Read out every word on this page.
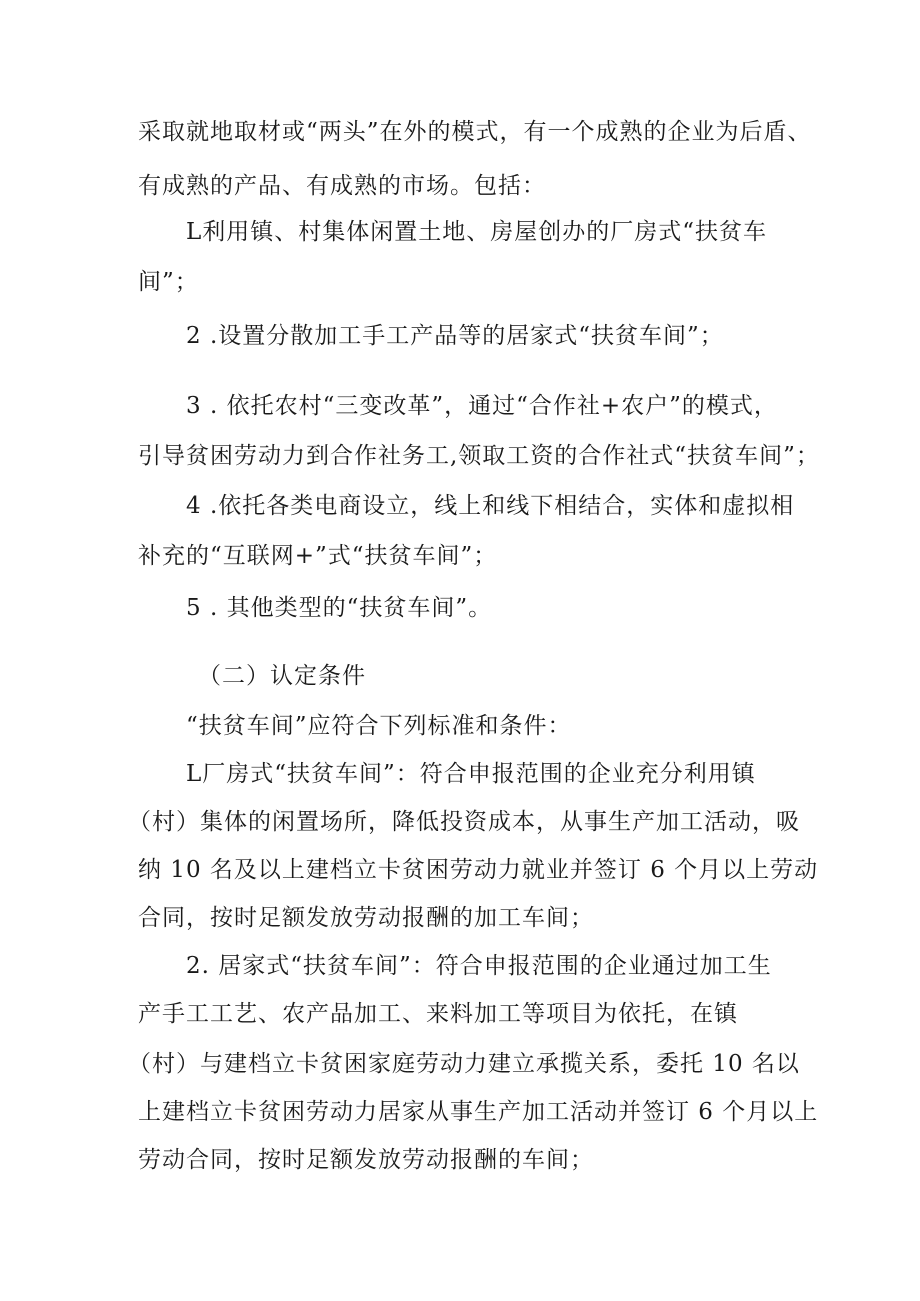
采取就地取材或“两头”在外的模式，有一个成熟的企业为后盾、
有成熟的产品、有成熟的市场。包括：
L利用镇、村集体闲置土地、房屋创办的厂房式“扶贫车
间”；
2 .设置分散加工手工产品等的居家式“扶贫车间”；
3 . 依托农村“三变改革”，通过“合作社+农户”的模式，
引导贫困劳动力到合作社务工,领取工资的合作社式“扶贫车间”；
4 .依托各类电商设立，线上和线下相结合，实体和虚拟相
补充的“互联网+”式“扶贫车间”；
5 . 其他类型的“扶贫车间”。
（二）认定条件
“扶贫车间”应符合下列标准和条件：
L厂房式“扶贫车间”：符合申报范围的企业充分利用镇
（村）集体的闲置场所，降低投资成本，从事生产加工活动，吸
纳 10 名及以上建档立卡贫困劳动力就业并签订 6 个月以上劳动
合同，按时足额发放劳动报酬的加工车间；
2. 居家式“扶贫车间”：符合申报范围的企业通过加工生
产手工工艺、农产品加工、来料加工等项目为依托，在镇
（村）与建档立卡贫困家庭劳动力建立承揽关系，委托 10 名以
上建档立卡贫困劳动力居家从事生产加工活动并签订 6 个月以上
劳动合同，按时足额发放劳动报酬的车间；
